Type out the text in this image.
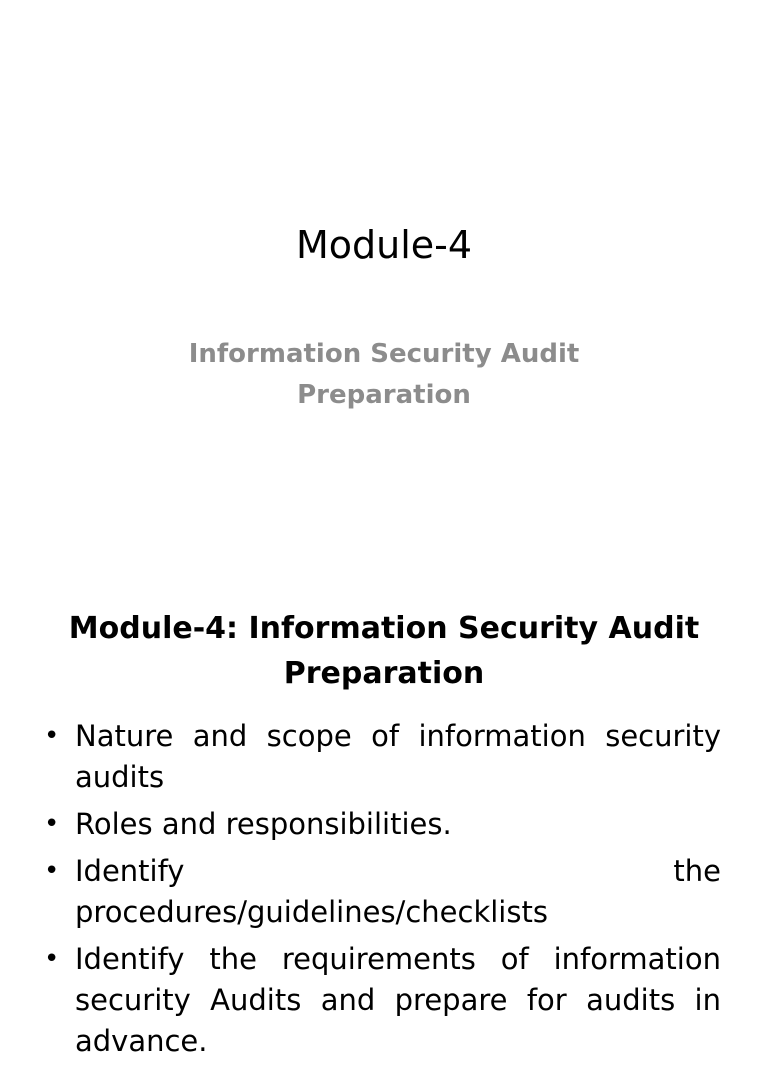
Module-4

Information Security Audit Preparation

Module-4: Information Security Audit Preparation
• Nature and scope of information security audits
• Roles and responsibilities.
• Identify the procedures/guidelines/checklists
• Identify the requirements of information security Audits and prepare for audits in advance.
